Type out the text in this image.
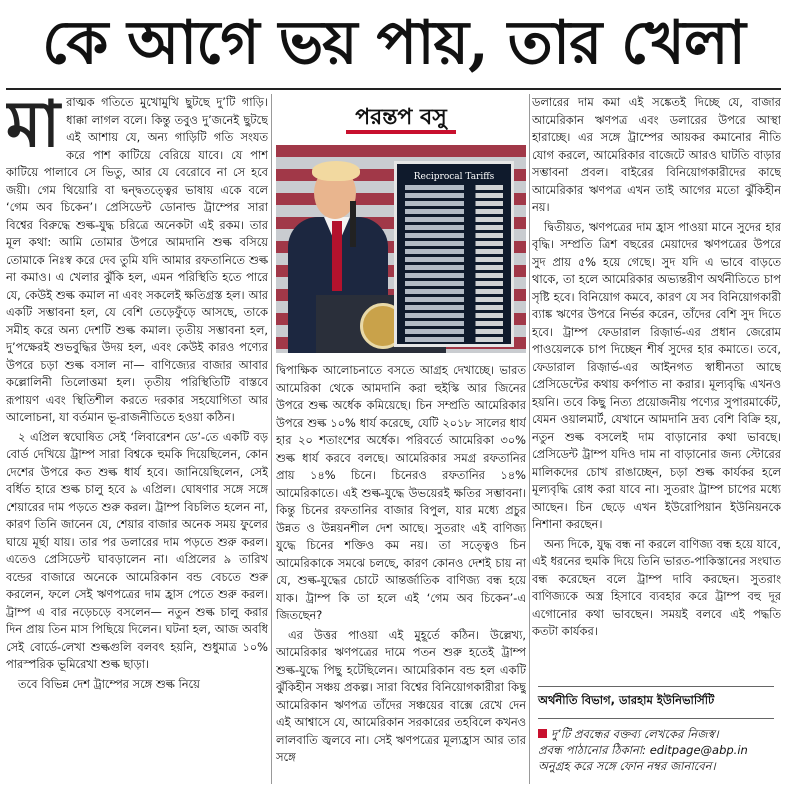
কে আগে ভয় পায়, তার খেলা

মারাত্মক গতিতে মুখোমুখি ছুটছে দু’টি গাড়ি। ধাক্কা লাগল বলে। কিন্তু তবুও দু’জনেই ছুটছে এই আশায় যে, অন্য গাড়িটি গতি সংযত করে পাশ কাটিয়ে বেরিয়ে যাবে। যে পাশ কাটিয়ে পালাবে সে ভিতু, আর যে বেরোবে না সে হবে জয়ী। গেম থিয়োরি বা দ্বন্দ্বতত্ত্বের ভাষায় একে বলে ‘গেম অব চিকেন’। প্রেসিডেন্ট ডোনাল্ড ট্রাম্পের সারা বিশ্বের বিরুদ্ধে শুল্ক-যুদ্ধ চরিত্রে অনেকটা এই রকম। তার মূল কথা: আমি তোমার উপরে আমদানি শুল্ক বসিয়ে তোমাকে নিঃস্ব করে দেব তুমি যদি আমার রফতানিতে শুল্ক না কমাও। এ খেলার ঝুঁকি হল, এমন পরিস্থিতি হতে পারে যে, কেউই শুল্ক কমাল না এবং সকলেই ক্ষতিগ্রস্ত হল। আর একটি সম্ভাবনা হল, যে বেশি তেড়েফুঁড়ে আসছে, তাকে সমীহ করে অন্য দেশটি শুল্ক কমাল। তৃতীয় সম্ভাবনা হল, দু’পক্ষেরই শুভবুদ্ধির উদয় হল, এবং কেউই কারও পণ্যের উপরে চড়া শুল্ক বসাল না— বাণিজ্যের বাজার আবার কল্লোলিনী তিলোত্তমা হল। তৃতীয় পরিস্থিতিটি বাস্তবে রূপায়ণ এবং স্থিতিশীল করতে দরকার সহযোগিতা আর আলোচনা, যা বর্তমান ভূ-রাজনীতিতে হওয়া কঠিন।

২ এপ্রিল স্বঘোষিত সেই ‘লিবারেশন ডে’-তে একটি বড় বোর্ড দেখিয়ে ট্রাম্প সারা বিশ্বকে হুমকি দিয়েছিলেন, কোন দেশের উপরে কত শুল্ক ধার্য হবে। জানিয়েছিলেন, সেই বর্ধিত হারে শুল্ক চালু হবে ৯ এপ্রিল। ঘোষণার সঙ্গে সঙ্গে শেয়ারের দাম পড়তে শুরু করল। ট্রাম্প বিচলিত হলেন না, কারণ তিনি জানেন যে, শেয়ার বাজার অনেক সময় ফুলের ঘায়ে মূর্ছা যায়। তার পর ডলারের দাম পড়তে শুরু করল। এতেও প্রেসিডেন্ট ঘাবড়ালেন না। এপ্রিলের ৯ তারিখ বন্ডের বাজারে অনেকে আমেরিকান বন্ড বেচতে শুরু করলেন, ফলে সেই ঋণপত্রের দাম হ্রাস পেতে শুরু করল। ট্রাম্প এ বার নড়েচড়ে বসলেন— নতুন শুল্ক চালু করার দিন প্রায় তিন মাস পিছিয়ে দিলেন। ঘটনা হল, আজ অবধি সেই বোর্ডে-লেখা শুল্কগুলি বলবৎ হয়নি, শুধুমাত্র ১০% পারস্পরিক ভূমিরেখা শুল্ক ছাড়া।

তবে বিভিন্ন দেশ ট্রাম্পের সঙ্গে শুল্ক নিয়ে

পরন্তপ বসু
Reciprocal Tariffs

দ্বিপাক্ষিক আলোচনাতে বসতে আগ্রহ দেখাচ্ছে। ভারত আমেরিকা থেকে আমদানি করা হুইস্কি আর জিনের উপরে শুল্ক অর্ধেক কমিয়েছে। চিন সম্প্রতি আমেরিকার উপরে শুল্ক ১০% ধার্য করেছে, যেটি ২০১৮ সালের ধার্য হার ২০ শতাংশের অর্ধেক। পরিবর্তে আমেরিকা ৩০% শুল্ক ধার্য করবে বলছে। আমেরিকার সমগ্র রফতানির প্রায় ১৪% চিনে। চিনেরও রফতানির ১৪% আমেরিকাতে। এই শুল্ক-যুদ্ধে উভয়েরই ক্ষতির সম্ভাবনা। কিন্তু চিনের রফতানির বাজার বিপুল, যার মধ্যে প্রচুর উন্নত ও উন্নয়নশীল দেশ আছে। সুতরাং এই বাণিজ্য যুদ্ধে চিনের শক্তিও কম নয়। তা সত্ত্বেও চিন আমেরিকাকে সমঝে চলছে, কারণ কোনও দেশই চায় না যে, শুল্ক-যুদ্ধের চোটে আন্তর্জাতিক বাণিজ্য বন্ধ হয়ে যাক। ট্রাম্প কি তা হলে এই ‘গেম অব চিকেন’-এ জিতছেন?

এর উত্তর পাওয়া এই মুহূর্তে কঠিন। উল্লেখ্য, আমেরিকার ঋণপত্রের দামে পতন শুরু হতেই ট্রাম্প শুল্ক-যুদ্ধে পিছু হটেছিলেন। আমেরিকান বন্ড হল একটি ঝুঁকিহীন সঞ্চয় প্রকল্প। সারা বিশ্বের বিনিয়োগকারীরা কিছু আমেরিকান ঋণপত্র তাঁদের সঞ্চয়ের বাক্সে রেখে দেন এই আশ্বাসে যে, আমেরিকান সরকারের তহবিলে কখনও লালবাতি জ্বলবে না। সেই ঋণপত্রের মূল্যহ্রাস আর তার সঙ্গে

ডলারের দাম কমা এই সঙ্কেতই দিচ্ছে যে, বাজার আমেরিকান ঋণপত্র এবং ডলারের উপরে আস্থা হারাচ্ছে। এর সঙ্গে ট্রাম্পের আয়কর কমানোর নীতি যোগ করলে, আমেরিকার বাজেটে আরও ঘাটতি বাড়ার সম্ভাবনা প্রবল। বাইরের বিনিয়োগকারীদের কাছে আমেরিকার ঋণপত্র এখন তাই আগের মতো ঝুঁকিহীন নয়।

দ্বিতীয়ত, ঋণপত্রের দাম হ্রাস পাওয়া মানে সুদের হার বৃদ্ধি। সম্প্রতি ত্রিশ বছরের মেয়াদের ঋণপত্রের উপরে সুদ প্রায় ৫% হয়ে গেছে। সুদ যদি এ ভাবে বাড়তে থাকে, তা হলে আমেরিকার অভ্যন্তরীণ অর্থনীতিতে চাপ সৃষ্টি হবে। বিনিয়োগ কমবে, কারণ যে সব বিনিয়োগকারী ব্যাঙ্ক ঋণের উপরে নির্ভর করেন, তাঁদের বেশি সুদ দিতে হবে। ট্রাম্প ফেডারাল রিজ়ার্ভ-এর প্রধান জেরোম পাওয়েলকে চাপ দিচ্ছেন শীর্ষ সুদের হার কমাতে। তবে, ফেডারাল রিজ়ার্ভ-এর আইনগত স্বাধীনতা আছে প্রেসিডেন্টের কথায় কর্ণপাত না করার। মূল্যবৃদ্ধি এখনও হয়নি। তবে কিছু নিত্য প্রয়োজনীয় পণ্যের সুপারমার্কেট, যেমন ওয়ালমার্ট, যেখানে আমদানি দ্রব্য বেশি বিক্রি হয়, নতুন শুল্ক বসলেই দাম বাড়ানোর কথা ভাবছে। প্রেসিডেন্ট ট্রাম্প যদিও দাম না বাড়ানোর জন্য স্টোরের মালিকদের চোখ রাঙাচ্ছেন, চড়া শুল্ক কার্যকর হলে মূল্যবৃদ্ধি রোধ করা যাবে না। সুতরাং ট্রাম্প চাপের মধ্যে আছেন। চিন ছেড়ে এখন ইউরোপিয়ান ইউনিয়নকে নিশানা করছেন।

অন্য দিকে, যুদ্ধ বন্ধ না করলে বাণিজ্য বন্ধ হয়ে যাবে, এই ধরনের হুমকি দিয়ে তিনি ভারত-পাকিস্তানের সংঘাত বন্ধ করেছেন বলে ট্রাম্প দাবি করছেন। সুতরাং বাণিজ্যকে অস্ত্র হিসাবে ব্যবহার করে ট্রাম্প বহু দূর এগোনোর কথা ভাবছেন। সময়ই বলবে এই পদ্ধতি কতটা কার্যকর।

অর্থনীতি বিভাগ, ডারহাম ইউনিভার্সিটি
দু’টি প্রবন্ধের বক্তব্য লেখকের নিজস্ব।
প্রবন্ধ পাঠানোর ঠিকানা: editpage@abp.in
অনুগ্রহ করে সঙ্গে ফোন নম্বর জানাবেন।
